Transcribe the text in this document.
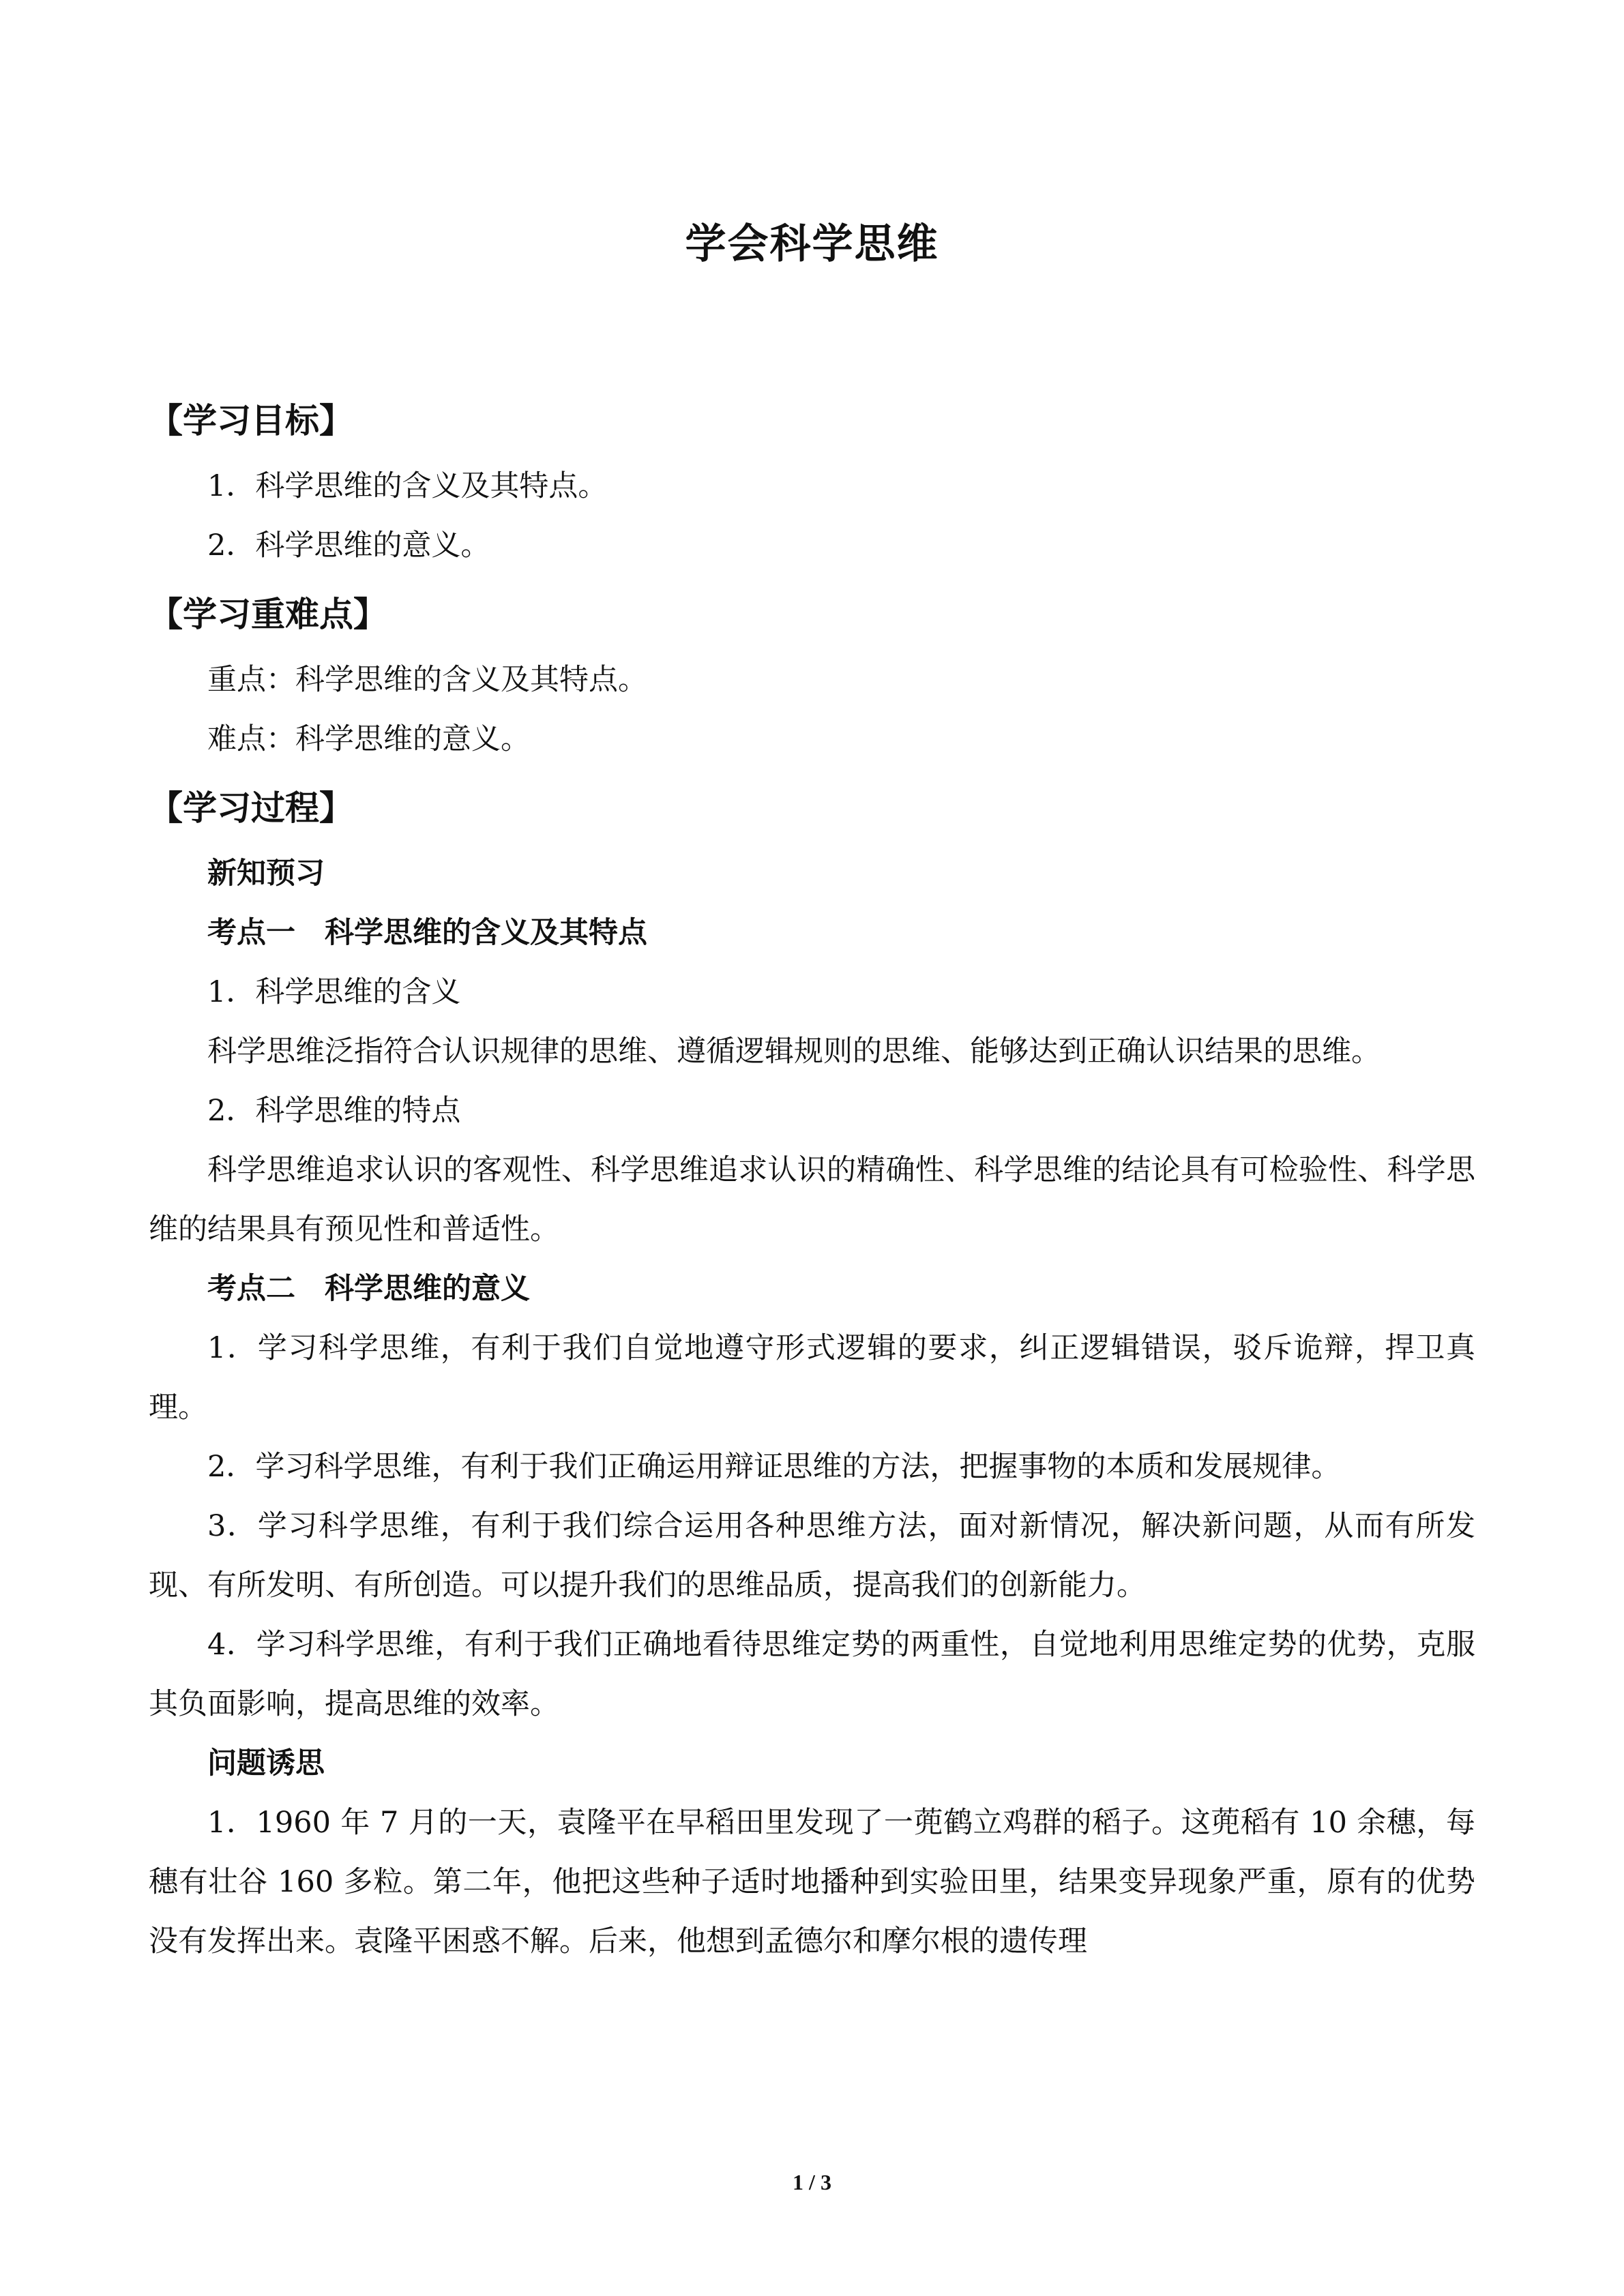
学会科学思维
【学习目标】

1．科学思维的含义及其特点。

2．科学思维的意义。

【学习重难点】

重点：科学思维的含义及其特点。

难点：科学思维的意义。

【学习过程】

新知预习

考点一　科学思维的含义及其特点

1．科学思维的含义

科学思维泛指符合认识规律的思维、遵循逻辑规则的思维、能够达到正确认识结果的思维。

2．科学思维的特点

科学思维追求认识的客观性、科学思维追求认识的精确性、科学思维的结论具有可检验性、科学思维的结果具有预见性和普适性。

考点二　科学思维的意义

1．学习科学思维，有利于我们自觉地遵守形式逻辑的要求，纠正逻辑错误，驳斥诡辩，捍卫真理。

2．学习科学思维，有利于我们正确运用辩证思维的方法，把握事物的本质和发展规律。

3．学习科学思维，有利于我们综合运用各种思维方法，面对新情况，解决新问题，从而有所发现、有所发明、有所创造。可以提升我们的思维品质，提高我们的创新能力。

4．学习科学思维，有利于我们正确地看待思维定势的两重性，自觉地利用思维定势的优势，克服其负面影响，提高思维的效率。

问题诱思

1．1960 年 7 月的一天，袁隆平在早稻田里发现了一蔸鹤立鸡群的稻子。这蔸稻有 10 余穗，每穗有壮谷 160 多粒。第二年，他把这些种子适时地播种到实验田里，结果变异现象严重，原有的优势没有发挥出来。袁隆平困惑不解。后来，他想到孟德尔和摩尔根的遗传理

1 / 3
